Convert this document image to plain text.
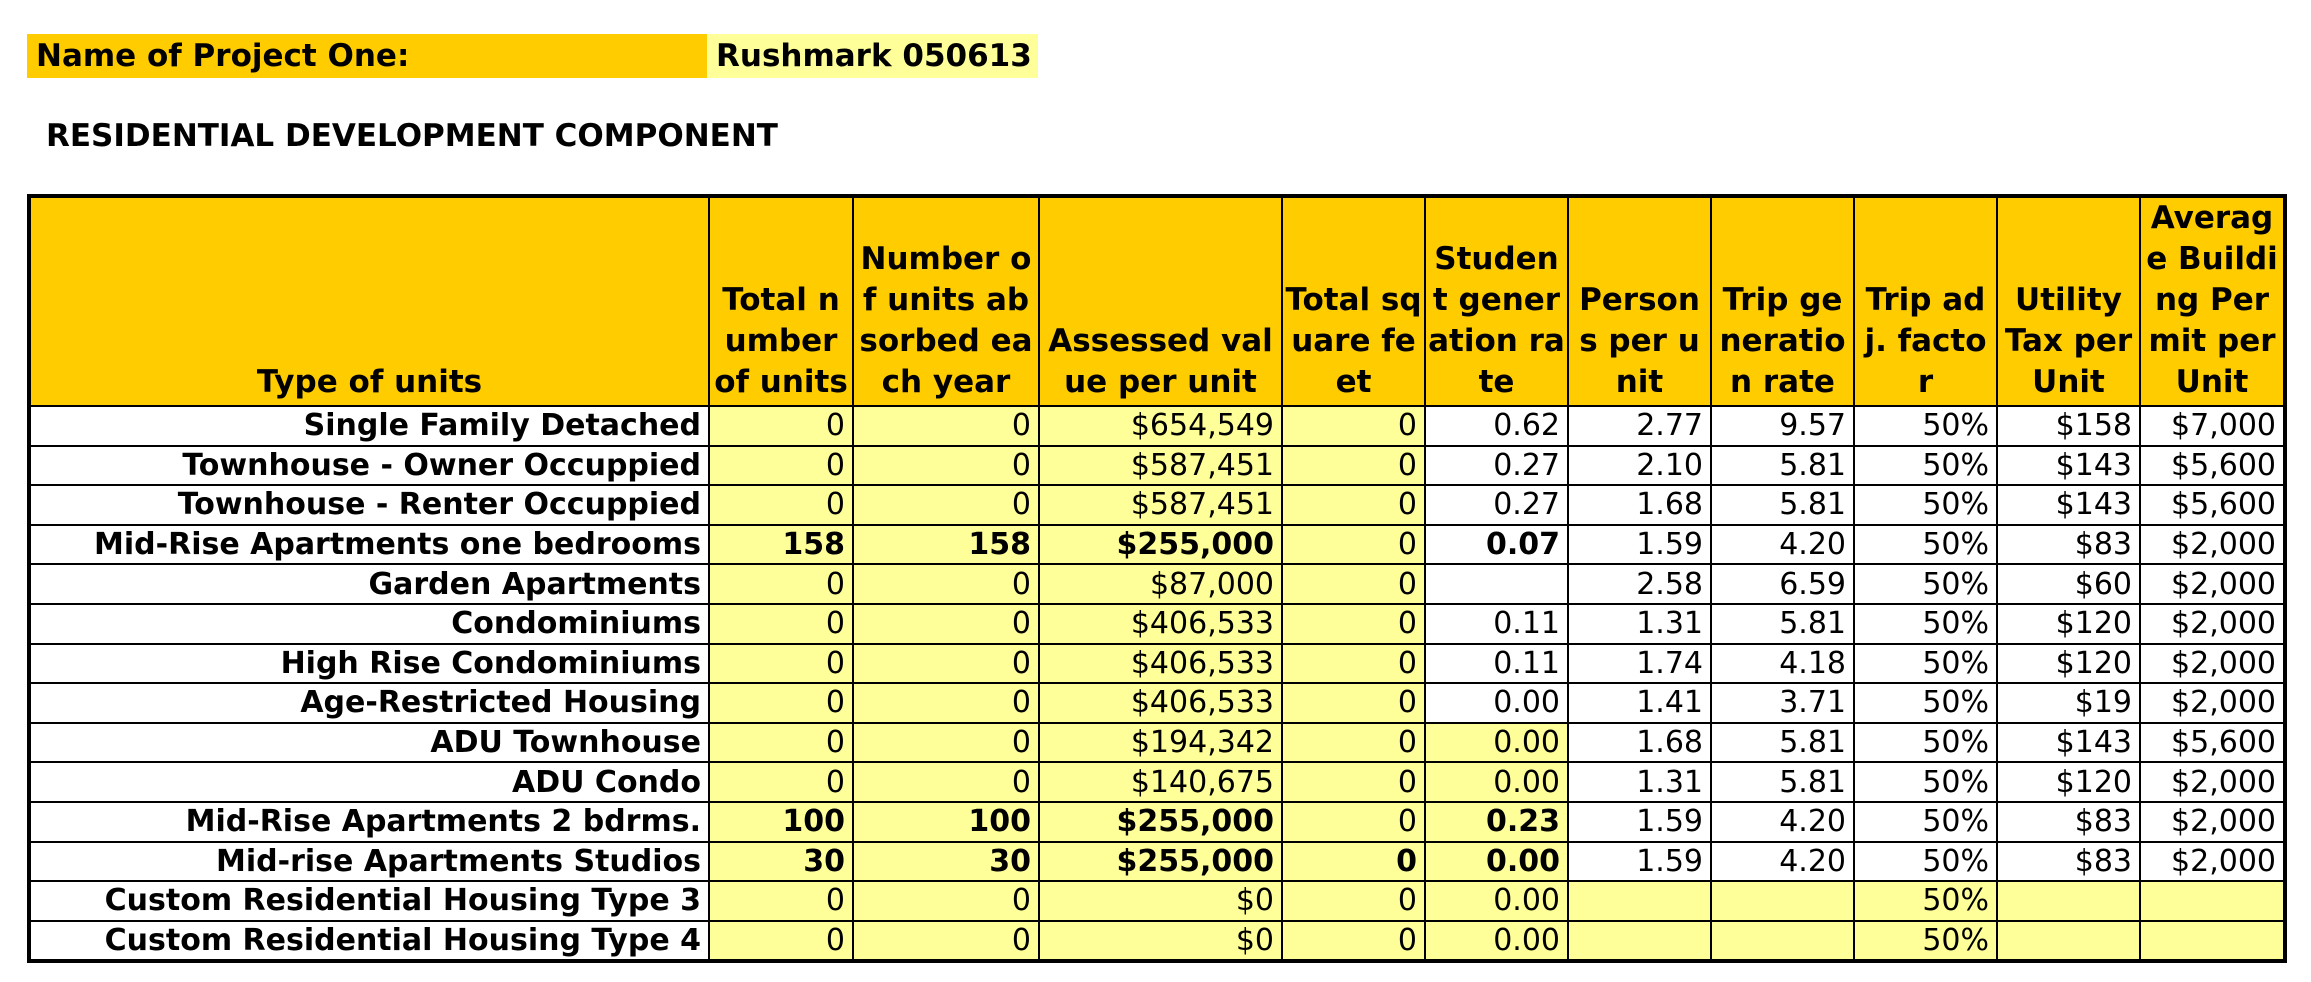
Name of Project One:	Rushmark 050613
RESIDENTIAL DEVELOPMENT COMPONENT
Type of units	Total number of units	Number of units absorbed each year	Assessed value per unit	Total square feet	Student generation rate	Persons per unit	Trip generation rate	Trip adj. factor	Utility Tax per Unit	Average Building Permit per Unit
Single Family Detached	0	0	$654,549	0	0.62	2.77	9.57	50%	$158	$7,000
Townhouse - Owner Occuppied	0	0	$587,451	0	0.27	2.10	5.81	50%	$143	$5,600
Townhouse - Renter Occuppied	0	0	$587,451	0	0.27	1.68	5.81	50%	$143	$5,600
Mid-Rise Apartments one bedrooms	158	158	$255,000	0	0.07	1.59	4.20	50%	$83	$2,000
Garden Apartments	0	0	$87,000	0		2.58	6.59	50%	$60	$2,000
Condominiums	0	0	$406,533	0	0.11	1.31	5.81	50%	$120	$2,000
High Rise Condominiums	0	0	$406,533	0	0.11	1.74	4.18	50%	$120	$2,000
Age-Restricted Housing	0	0	$406,533	0	0.00	1.41	3.71	50%	$19	$2,000
ADU Townhouse	0	0	$194,342	0	0.00	1.68	5.81	50%	$143	$5,600
ADU Condo	0	0	$140,675	0	0.00	1.31	5.81	50%	$120	$2,000
Mid-Rise Apartments 2 bdrms.	100	100	$255,000	0	0.23	1.59	4.20	50%	$83	$2,000
Mid-rise Apartments Studios	30	30	$255,000	0	0.00	1.59	4.20	50%	$83	$2,000
Custom Residential Housing Type 3	0	0	$0	0	0.00			50%		
Custom Residential Housing Type 4	0	0	$0	0	0.00			50%		
